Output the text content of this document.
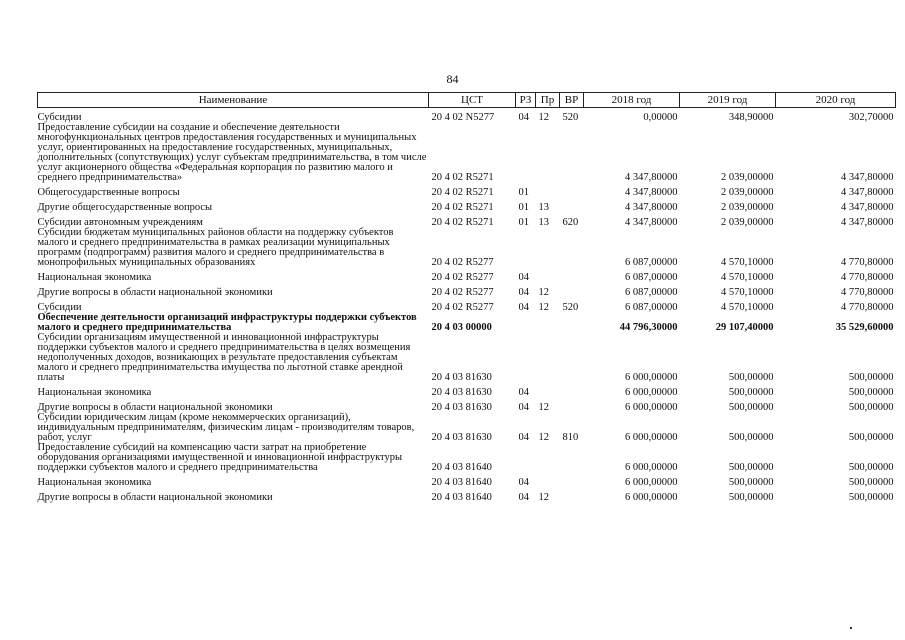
84
Наименование	ЦСТ	РЗ	Пр	ВР	2018 год	2019 год	2020 год
Субсидии	20 4 02 N5277	04	12	520	0,00000	348,90000	302,70000
Предоставление субсидии на создание и обеспечение деятельности многофункциональных центров предоставления государственных и муниципальных услуг, ориентированных на предоставление государственных, муниципальных, дополнительных (сопутствующих) услуг субъектам предпринимательства, в том числе услуг акционерного общества «Федеральная корпорация по развитию малого и среднего предпринимательства»	20 4 02 R5271				4 347,80000	2 039,00000	4 347,80000
Общегосударственные вопросы	20 4 02 R5271	01			4 347,80000	2 039,00000	4 347,80000
Другие общегосударственные вопросы	20 4 02 R5271	01	13		4 347,80000	2 039,00000	4 347,80000
Субсидии автономным учреждениям	20 4 02 R5271	01	13	620	4 347,80000	2 039,00000	4 347,80000
Субсидии бюджетам муниципальных районов области на поддержку субъектов малого и среднего предпринимательства в рамках реализации муниципальных программ (подпрограмм) развития малого и среднего предпринимательства в монопрофильных муниципальных образованиях	20 4 02 R5277				6 087,00000	4 570,10000	4 770,80000
Национальная экономика	20 4 02 R5277	04			6 087,00000	4 570,10000	4 770,80000
Другие вопросы в области национальной экономики	20 4 02 R5277	04	12		6 087,00000	4 570,10000	4 770,80000
Субсидии	20 4 02 R5277	04	12	520	6 087,00000	4 570,10000	4 770,80000
Обеспечение деятельности организаций инфраструктуры поддержки субъектов малого и среднего предпринимательства	20 4 03 00000				44 796,30000	29 107,40000	35 529,60000
Субсидии организациям имущественной и инновационной инфраструктуры поддержки субъектов малого и среднего предпринимательства в целях возмещения недополученных доходов, возникающих в результате предоставления субъектам малого и среднего предпринимательства имущества по льготной ставке арендной платы	20 4 03 81630				6 000,00000	500,00000	500,00000
Национальная экономика	20 4 03 81630	04			6 000,00000	500,00000	500,00000
Другие вопросы в области национальной экономики	20 4 03 81630	04	12		6 000,00000	500,00000	500,00000
Субсидии юридическим лицам (кроме некоммерческих организаций), индивидуальным предпринимателям, физическим лицам - производителям товаров, работ, услуг	20 4 03 81630	04	12	810	6 000,00000	500,00000	500,00000
Предоставление субсидий на компенсацию части затрат на приобретение оборудования организациями имущественной и инновационной инфраструктуры поддержки субъектов малого и среднего предпринимательства	20 4 03 81640				6 000,00000	500,00000	500,00000
Национальная экономика	20 4 03 81640	04			6 000,00000	500,00000	500,00000
Другие вопросы в области национальной экономики	20 4 03 81640	04	12		6 000,00000	500,00000	500,00000
